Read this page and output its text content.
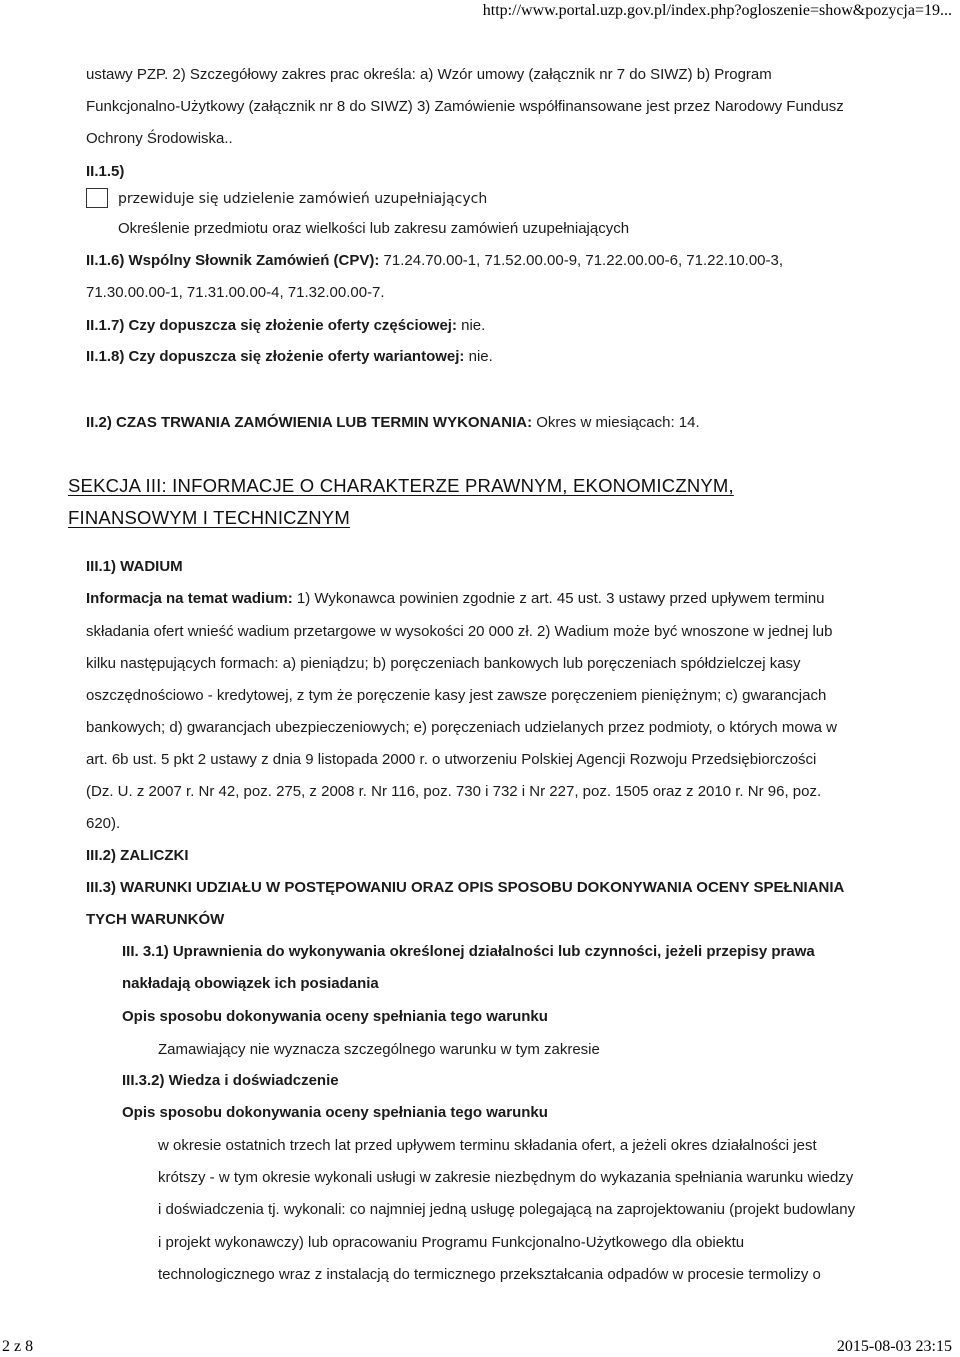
http://www.portal.uzp.gov.pl/index.php?ogloszenie=show&pozycja=19...
ustawy PZP. 2) Szczegółowy zakres prac określa: a) Wzór umowy (załącznik nr 7 do SIWZ) b) Program
Funkcjonalno-Użytkowy (załącznik nr 8 do SIWZ) 3) Zamówienie współfinansowane jest przez Narodowy Fundusz
Ochrony Środowiska..
II.1.5)
przewiduje się udzielenie zamówień uzupełniających
Określenie przedmiotu oraz wielkości lub zakresu zamówień uzupełniających
II.1.6) Wspólny Słownik Zamówień (CPV): 71.24.70.00-1, 71.52.00.00-9, 71.22.00.00-6, 71.22.10.00-3,
71.30.00.00-1, 71.31.00.00-4, 71.32.00.00-7.
II.1.7) Czy dopuszcza się złożenie oferty częściowej: nie.
II.1.8) Czy dopuszcza się złożenie oferty wariantowej: nie.
II.2) CZAS TRWANIA ZAMÓWIENIA LUB TERMIN WYKONANIA: Okres w miesiącach: 14.
SEKCJA III: INFORMACJE O CHARAKTERZE PRAWNYM, EKONOMICZNYM,
FINANSOWYM I TECHNICZNYM
III.1) WADIUM
Informacja na temat wadium: 1) Wykonawca powinien zgodnie z art. 45 ust. 3 ustawy przed upływem terminu
składania ofert wnieść wadium przetargowe w wysokości 20 000 zł. 2) Wadium może być wnoszone w jednej lub
kilku następujących formach: a) pieniądzu; b) poręczeniach bankowych lub poręczeniach spółdzielczej kasy
oszczędnościowo - kredytowej, z tym że poręczenie kasy jest zawsze poręczeniem pieniężnym; c) gwarancjach
bankowych; d) gwarancjach ubezpieczeniowych; e) poręczeniach udzielanych przez podmioty, o których mowa w
art. 6b ust. 5 pkt 2 ustawy z dnia 9 listopada 2000 r. o utworzeniu Polskiej Agencji Rozwoju Przedsiębiorczości
(Dz. U. z 2007 r. Nr 42, poz. 275, z 2008 r. Nr 116, poz. 730 i 732 i Nr 227, poz. 1505 oraz z 2010 r. Nr 96, poz.
620).
III.2) ZALICZKI
III.3) WARUNKI UDZIAŁU W POSTĘPOWANIU ORAZ OPIS SPOSOBU DOKONYWANIA OCENY SPEŁNIANIA
TYCH WARUNKÓW
III. 3.1) Uprawnienia do wykonywania określonej działalności lub czynności, jeżeli przepisy prawa
nakładają obowiązek ich posiadania
Opis sposobu dokonywania oceny spełniania tego warunku
Zamawiający nie wyznacza szczególnego warunku w tym zakresie
III.3.2) Wiedza i doświadczenie
Opis sposobu dokonywania oceny spełniania tego warunku
w okresie ostatnich trzech lat przed upływem terminu składania ofert, a jeżeli okres działalności jest
krótszy - w tym okresie wykonali usługi w zakresie niezbędnym do wykazania spełniania warunku wiedzy
i doświadczenia tj. wykonali: co najmniej jedną usługę polegającą na zaprojektowaniu (projekt budowlany
i projekt wykonawczy) lub opracowaniu Programu Funkcjonalno-Użytkowego dla obiektu
technologicznego wraz z instalacją do termicznego przekształcania odpadów w procesie termolizy o
2 z 8	2015-08-03 23:15
